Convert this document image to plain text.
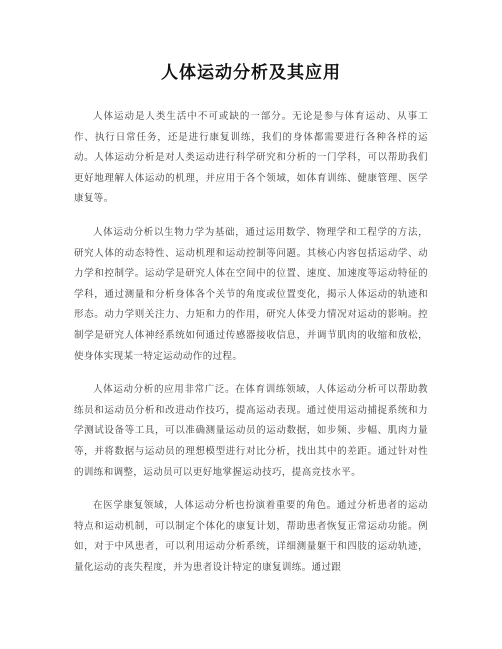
人体运动分析及其应用

人体运动是人类生活中不可或缺的一部分。无论是参与体育运动、从事工作、执行日常任务，还是进行康复训练，我们的身体都需要进行各种各样的运动。人体运动分析是对人类运动进行科学研究和分析的一门学科，可以帮助我们更好地理解人体运动的机理，并应用于各个领域，如体育训练、健康管理、医学康复等。

人体运动分析以生物力学为基础，通过运用数学、物理学和工程学的方法，研究人体的动态特性、运动机理和运动控制等问题。其核心内容包括运动学、动力学和控制学。运动学是研究人体在空间中的位置、速度、加速度等运动特征的学科，通过测量和分析身体各个关节的角度或位置变化，揭示人体运动的轨迹和形态。动力学则关注力、力矩和力的作用，研究人体受力情况对运动的影响。控制学是研究人体神经系统如何通过传感器接收信息，并调节肌肉的收缩和放松，使身体实现某一特定运动动作的过程。

人体运动分析的应用非常广泛。在体育训练领域，人体运动分析可以帮助教练员和运动员分析和改进动作技巧，提高运动表现。通过使用运动捕捉系统和力学测试设备等工具，可以准确测量运动员的运动数据，如步频、步幅、肌肉力量等，并将数据与运动员的理想模型进行对比分析，找出其中的差距。通过针对性的训练和调整，运动员可以更好地掌握运动技巧，提高竞技水平。

在医学康复领域，人体运动分析也扮演着重要的角色。通过分析患者的运动特点和运动机制，可以制定个体化的康复计划，帮助患者恢复正常运动功能。例如，对于中风患者，可以利用运动分析系统，详细测量躯干和四肢的运动轨迹，量化运动的丧失程度，并为患者设计特定的康复训练。通过跟
